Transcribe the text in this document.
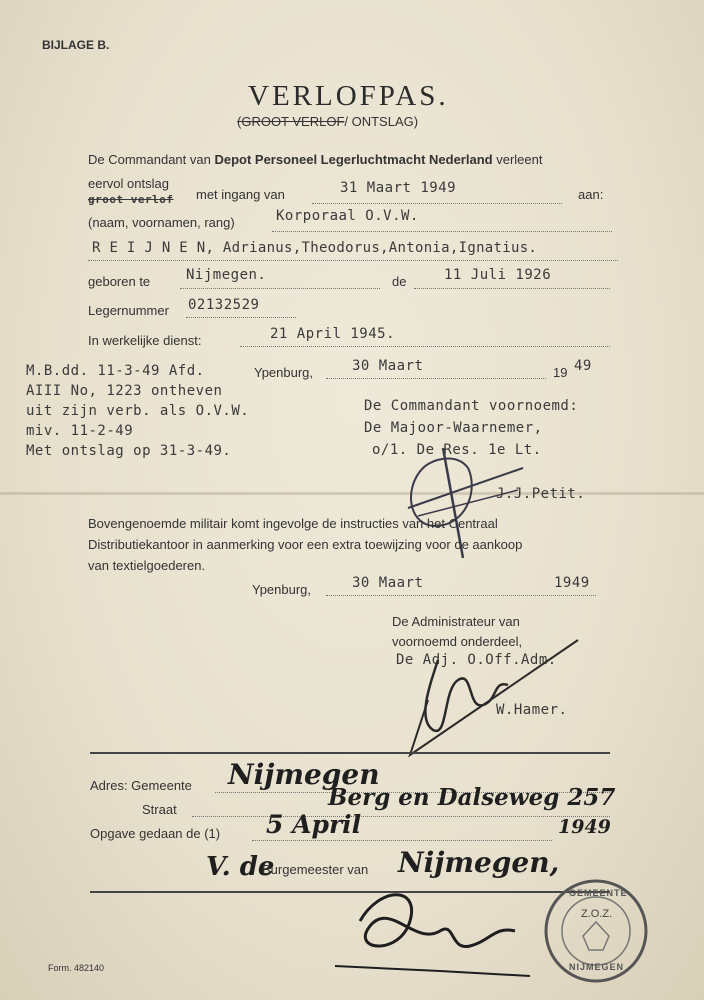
BIJLAGE B.
VERLOFPAS.
(GROOT VERLOF/ ONTSLAG)
De Commandant van Depot Personeel Legerluchtmacht Nederland verleent
eervol ontslag
groot verlof met ingang van	31 Maart 1949	aan:
(naam, voornamen, rang)	Korporaal O.V.W.
R E I J N E N, Adrianus,Theodorus,Antonia,Ignatius.
geboren te	Nijmegen.	de	11 Juli 1926
Legernummer 02132529
In werkelijke dienst:	21 April 1945.
M.B.dd. 11-3-49 Afd.
AIII No, 1223 ontheven
uit zijn verb. als O.V.W.
miv. 11-2-49
Met ontslag op 31-3-49.
Ypenburg,	30 Maart	19 49
De Commandant voornoemd:
De Majoor-Waarnemer,
o/1. De Res. 1e Lt.
J.J.Petit.
Bovengenoemde militair komt ingevolge de instructies van het Centraal
Distributiekantoor in aanmerking voor een extra toewijzing voor de aankoop
van textielgoederen.
Ypenburg,	30 Maart	1949
De Administrateur van
voornoemd onderdeel,
De Adj. O.Off.Adm.
W.Hamer.
Adres: Gemeente Nijmegen
Straat	Berg en Dalseweg 257
Opgave gedaan de (1) 5 April	1949
V. de
Burgemeester van Nijmegen,
GEMEENTE
Z.O.Z.
NIJMEGEN
Form. 482140
